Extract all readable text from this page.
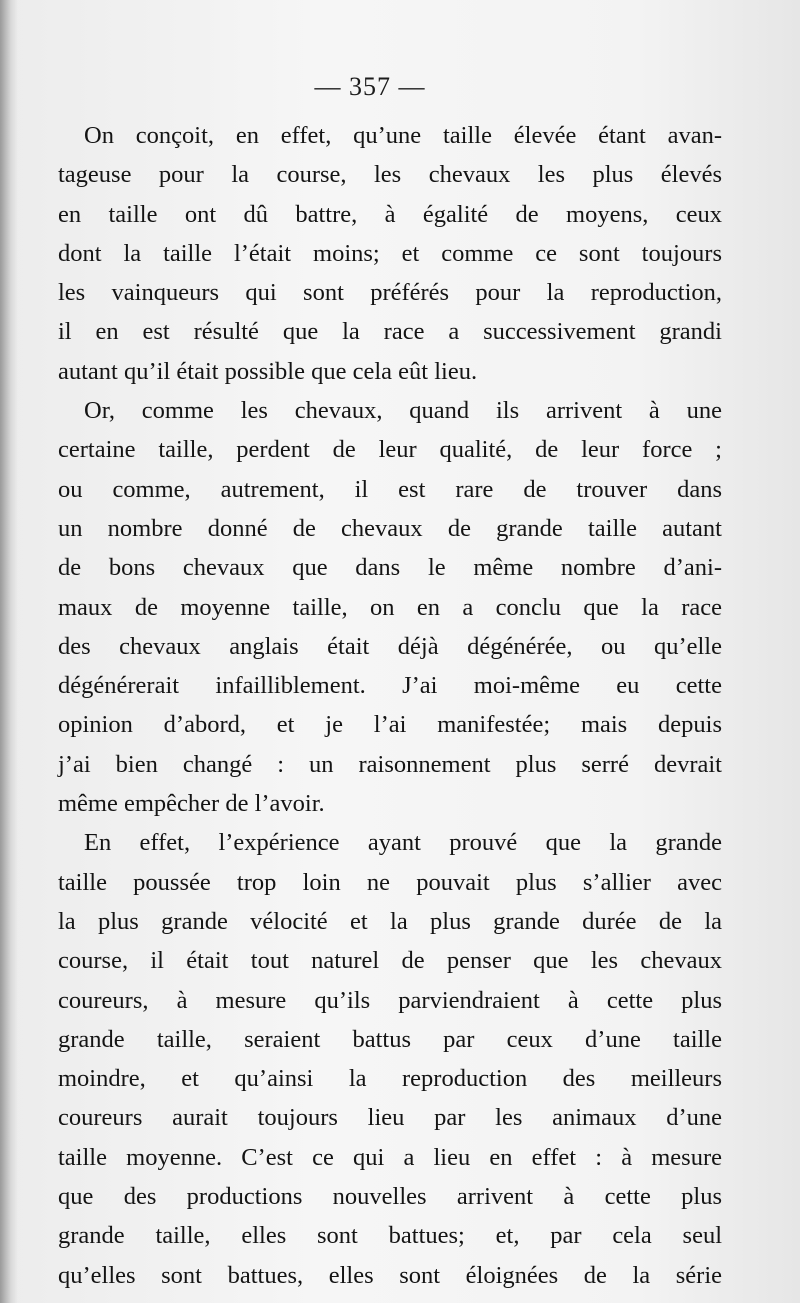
— 357 —

On conçoit, en effet, qu’une taille élevée étant avan-
tageuse pour la course, les chevaux les plus élevés
en taille ont dû battre, à égalité de moyens, ceux
dont la taille l’était moins; et comme ce sont toujours
les vainqueurs qui sont préférés pour la reproduction,
il en est résulté que la race a successivement grandi
autant qu’il était possible que cela eût lieu.

Or, comme les chevaux, quand ils arrivent à une
certaine taille, perdent de leur qualité, de leur force ;
ou comme, autrement, il est rare de trouver dans
un nombre donné de chevaux de grande taille autant
de bons chevaux que dans le même nombre d’ani-
maux de moyenne taille, on en a conclu que la race
des chevaux anglais était déjà dégénérée, ou qu’elle
dégénérerait infailliblement. J’ai moi-même eu cette
opinion d’abord, et je l’ai manifestée; mais depuis
j’ai bien changé : un raisonnement plus serré devrait
même empêcher de l’avoir.

En effet, l’expérience ayant prouvé que la grande
taille poussée trop loin ne pouvait plus s’allier avec
la plus grande vélocité et la plus grande durée de la
course, il était tout naturel de penser que les chevaux
coureurs, à mesure qu’ils parviendraient à cette plus
grande taille, seraient battus par ceux d’une taille
moindre, et qu’ainsi la reproduction des meilleurs
coureurs aurait toujours lieu par les animaux d’une
taille moyenne. C’est ce qui a lieu en effet : à mesure
que des productions nouvelles arrivent à cette plus
grande taille, elles sont battues; et, par cela seul
qu’elles sont battues, elles sont éloignées de la série
